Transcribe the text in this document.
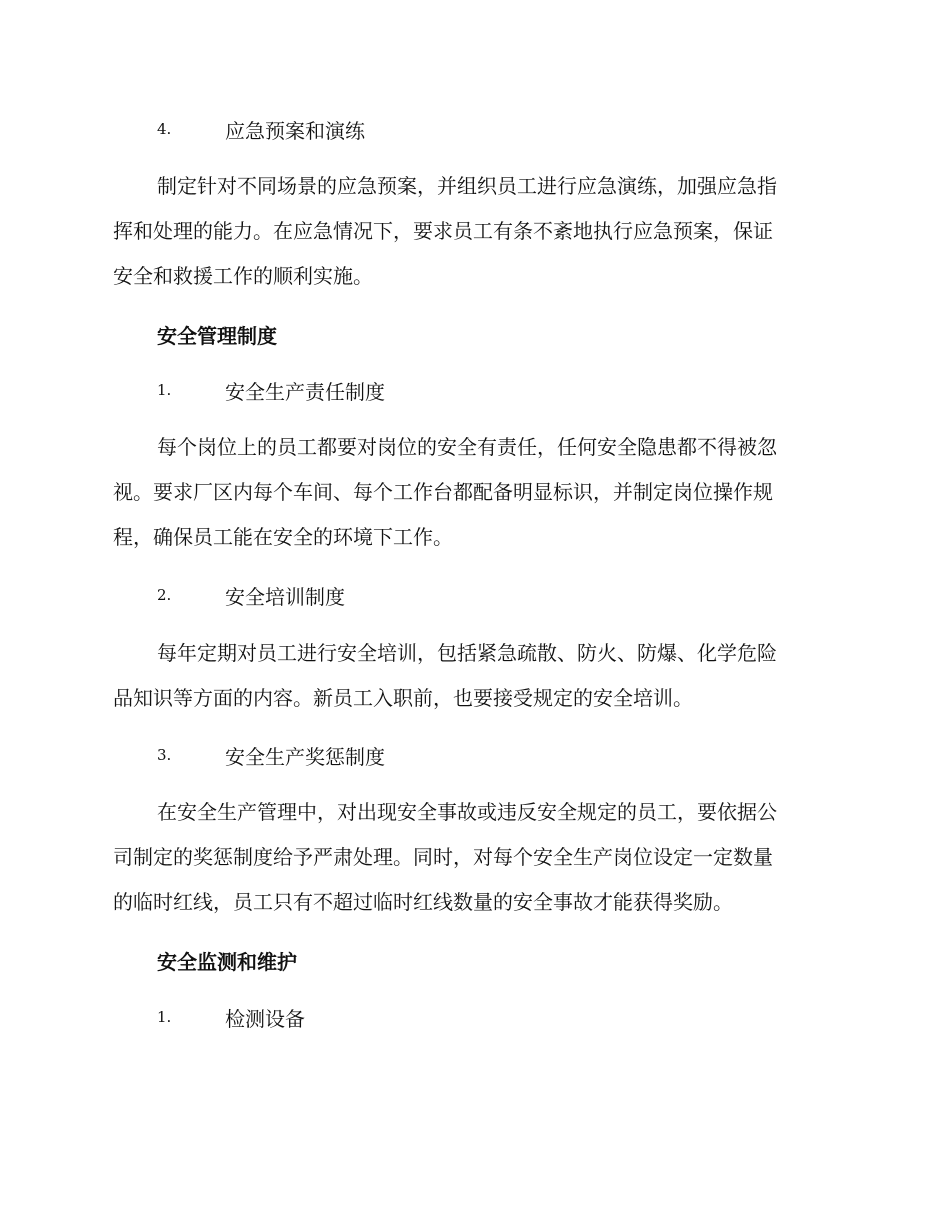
4.	应急预案和演练
制定针对不同场景的应急预案，并组织员工进行应急演练，加强应急指
挥和处理的能力。在应急情况下，要求员工有条不紊地执行应急预案，保证
安全和救援工作的顺利实施。
安全管理制度
1.	安全生产责任制度
每个岗位上的员工都要对岗位的安全有责任，任何安全隐患都不得被忽
视。要求厂区内每个车间、每个工作台都配备明显标识，并制定岗位操作规
程，确保员工能在安全的环境下工作。
2.	安全培训制度
每年定期对员工进行安全培训，包括紧急疏散、防火、防爆、化学危险
品知识等方面的内容。新员工入职前，也要接受规定的安全培训。
3.	安全生产奖惩制度
在安全生产管理中，对出现安全事故或违反安全规定的员工，要依据公
司制定的奖惩制度给予严肃处理。同时，对每个安全生产岗位设定一定数量
的临时红线，员工只有不超过临时红线数量的安全事故才能获得奖励。
安全监测和维护
1.	检测设备
